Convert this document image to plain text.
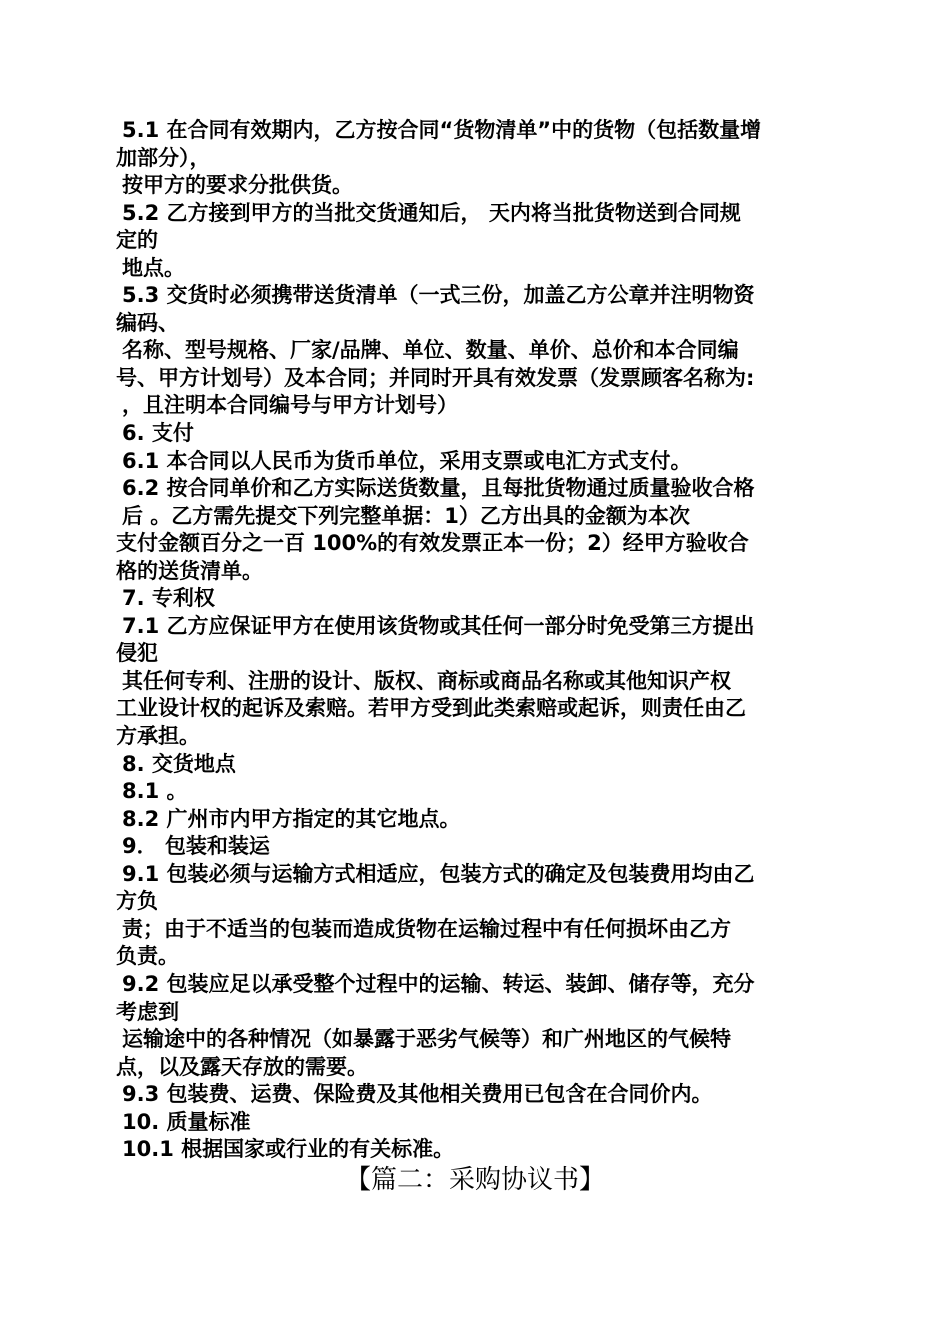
5.1 在合同有效期内，乙方按合同“货物清单”中的货物（包括数量增
加部分），
按甲方的要求分批供货。
5.2 乙方接到甲方的当批交货通知后， 天内将当批货物送到合同规
定的
地点。
5.3 交货时必须携带送货清单（一式三份，加盖乙方公章并注明物资
编码、
名称、型号规格、厂家/品牌、单位、数量、单价、总价和本合同编
号、甲方计划号）及本合同；并同时开具有效发票（发票顾客名称为:
，且注明本合同编号与甲方计划号）
6. 支付
6.1 本合同以人民币为货币单位，采用支票或电汇方式支付。
6.2 按合同单价和乙方实际送货数量，且每批货物通过质量验收合格
后 。乙方需先提交下列完整单据：1）乙方出具的金额为本次
支付金额百分之一百 100%的有效发票正本一份；2）经甲方验收合
格的送货清单。
7. 专利权
7.1 乙方应保证甲方在使用该货物或其任何一部分时免受第三方提出
侵犯
其任何专利、注册的设计、版权、商标或商品名称或其他知识产权
工业设计权的起诉及索赔。若甲方受到此类索赔或起诉，则责任由乙
方承担。
8. 交货地点
8.1 。
8.2 广州市内甲方指定的其它地点。
9． 包装和装运
9.1 包装必须与运输方式相适应，包装方式的确定及包装费用均由乙
方负
责；由于不适当的包装而造成货物在运输过程中有任何损坏由乙方
负责。
9.2 包装应足以承受整个过程中的运输、转运、装卸、储存等，充分
考虑到
运输途中的各种情况（如暴露于恶劣气候等）和广州地区的气候特
点，以及露天存放的需要。
9.3 包装费、运费、保险费及其他相关费用已包含在合同价内。
10. 质量标准
10.1 根据国家或行业的有关标准。
【篇二：采购协议书】
